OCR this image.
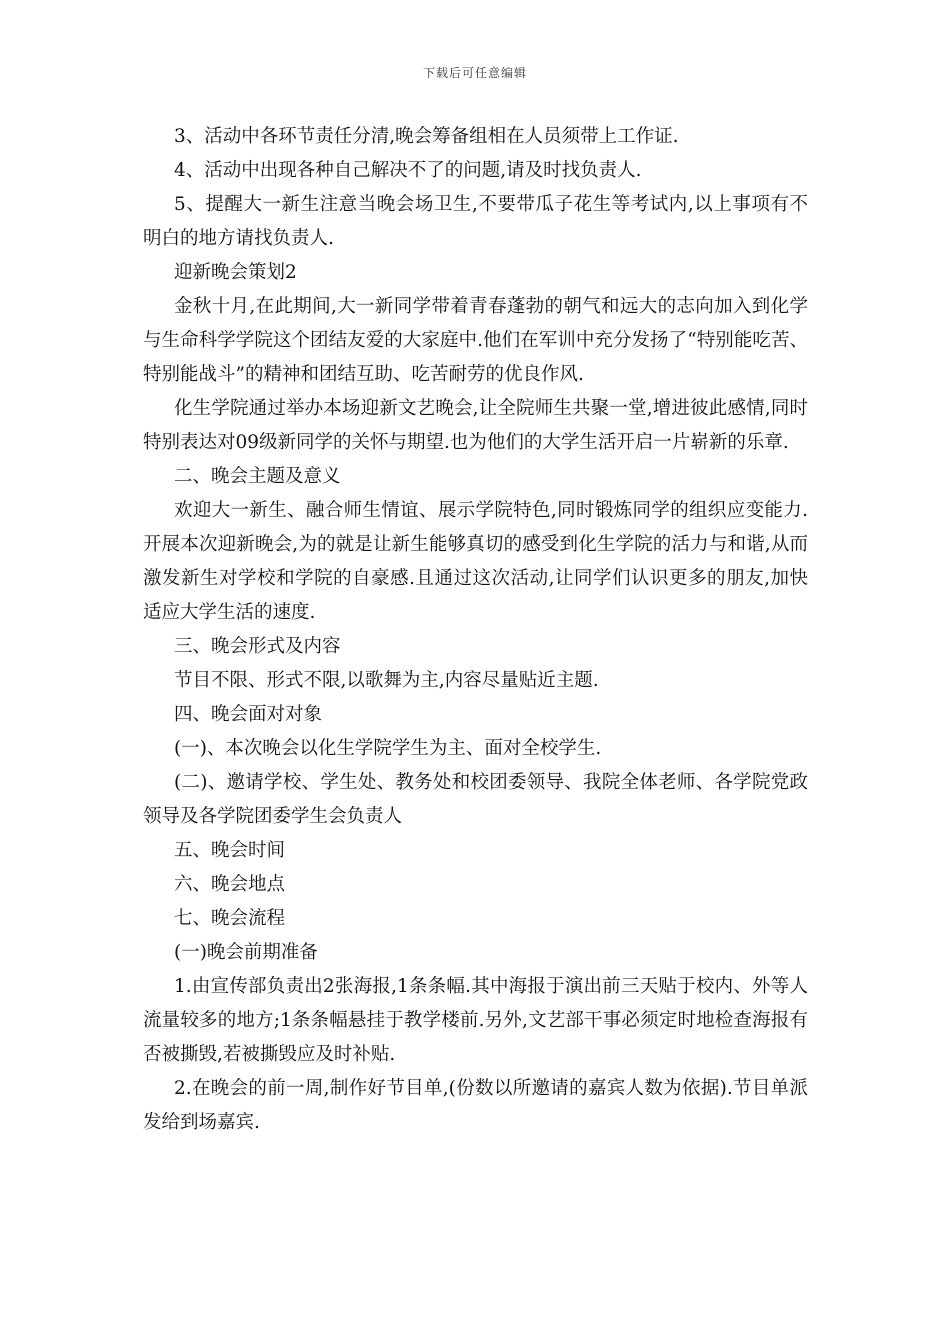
下载后可任意编辑

3、活动中各环节责任分清,晚会筹备组相在人员须带上工作证.

4、活动中出现各种自己解决不了的问题,请及时找负责人.

5、提醒大一新生注意当晚会场卫生,不要带瓜子花生等考试内,以上事项有不明白的地方请找负责人.

迎新晚会策划2

金秋十月,在此期间,大一新同学带着青春蓬勃的朝气和远大的志向加入到化学与生命科学学院这个团结友爱的大家庭中.他们在军训中充分发扬了“特别能吃苦、特别能战斗”的精神和团结互助、吃苦耐劳的优良作风.

化生学院通过举办本场迎新文艺晚会,让全院师生共聚一堂,增进彼此感情,同时特别表达对09级新同学的关怀与期望.也为他们的大学生活开启一片崭新的乐章.

二、晚会主题及意义

欢迎大一新生、融合师生情谊、展示学院特色,同时锻炼同学的组织应变能力.开展本次迎新晚会,为的就是让新生能够真切的感受到化生学院的活力与和谐,从而激发新生对学校和学院的自豪感.且通过这次活动,让同学们认识更多的朋友,加快适应大学生活的速度.

三、晚会形式及内容

节目不限、形式不限,以歌舞为主,内容尽量贴近主题.

四、晚会面对对象

(一)、本次晚会以化生学院学生为主、面对全校学生.

(二)、邀请学校、学生处、教务处和校团委领导、我院全体老师、各学院党政领导及各学院团委学生会负责人

五、晚会时间

六、晚会地点

七、晚会流程

(一)晚会前期准备

1.由宣传部负责出2张海报,1条条幅.其中海报于演出前三天贴于校内、外等人流量较多的地方;1条条幅悬挂于教学楼前.另外,文艺部干事必须定时地检查海报有否被撕毁,若被撕毁应及时补贴.

2.在晚会的前一周,制作好节目单,(份数以所邀请的嘉宾人数为依据).节目单派发给到场嘉宾.
